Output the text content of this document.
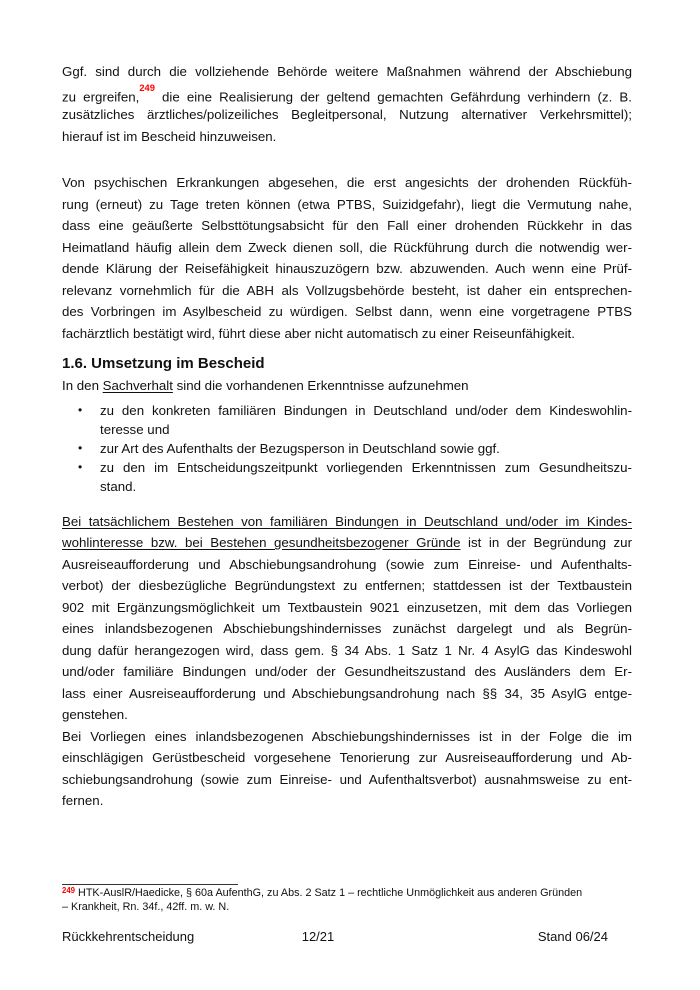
Ggf. sind durch die vollziehende Behörde weitere Maßnahmen während der Abschiebung
zu ergreifen,$^{249}$ die eine Realisierung der geltend gemachten Gefährdung verhindern (z. B.
zusätzliches ärztliches/polizeiliches Begleitpersonal, Nutzung alternativer Verkehrsmittel);
hierauf ist im Bescheid hinzuweisen.
Von psychischen Erkrankungen abgesehen, die erst angesichts der drohenden Rückfüh-
rung (erneut) zu Tage treten können (etwa PTBS, Suizidgefahr), liegt die Vermutung nahe,
dass eine geäußerte Selbsttötungsabsicht für den Fall einer drohenden Rückkehr in das
Heimatland häufig allein dem Zweck dienen soll, die Rückführung durch die notwendig wer-
dende Klärung der Reisefähigkeit hinauszuzögern bzw. abzuwenden. Auch wenn eine Prüf-
relevanz vornehmlich für die ABH als Vollzugsbehörde besteht, ist daher ein entsprechen-
des Vorbringen im Asylbescheid zu würdigen. Selbst dann, wenn eine vorgetragene PTBS
fachärztlich bestätigt wird, führt diese aber nicht automatisch zu einer Reiseunfähigkeit.
1.6. Umsetzung im Bescheid
In den Sachverhalt sind die vorhandenen Erkenntnisse aufzunehmen
• zu den konkreten familiären Bindungen in Deutschland und/oder dem Kindeswohlin-
teresse und
• zur Art des Aufenthalts der Bezugsperson in Deutschland sowie ggf.
• zu den im Entscheidungszeitpunkt vorliegenden Erkenntnissen zum Gesundheitszu-
stand.
Bei tatsächlichem Bestehen von familiären Bindungen in Deutschland und/oder im Kindes-
wohlinteresse bzw. bei Bestehen gesundheitsbezogener Gründe ist in der Begründung zur
Ausreiseaufforderung und Abschiebungsandrohung (sowie zum Einreise- und Aufenthalts-
verbot) der diesbezügliche Begründungstext zu entfernen; stattdessen ist der Textbaustein
902 mit Ergänzungsmöglichkeit um Textbaustein 9021 einzusetzen, mit dem das Vorliegen
eines inlandsbezogenen Abschiebungshindernisses zunächst dargelegt und als Begrün-
dung dafür herangezogen wird, dass gem. § 34 Abs. 1 Satz 1 Nr. 4 AsylG das Kindeswohl
und/oder familiäre Bindungen und/oder der Gesundheitszustand des Ausländers dem Er-
lass einer Ausreiseaufforderung und Abschiebungsandrohung nach §§ 34, 35 AsylG entge-
genstehen.
Bei Vorliegen eines inlandsbezogenen Abschiebungshindernisses ist in der Folge die im
einschlägigen Gerüstbescheid vorgesehene Tenorierung zur Ausreiseaufforderung und Ab-
schiebungsandrohung (sowie zum Einreise- und Aufenthaltsverbot) ausnahmsweise zu ent-
fernen.
$^{249}$ HTK-AuslR/Haedicke, § 60a AufenthG, zu Abs. 2 Satz 1 – rechtliche Unmöglichkeit aus anderen Gründen
– Krankheit, Rn. 34f., 42ff. m. w. N.
Rückkehrentscheidung	12/21	Stand 06/24
